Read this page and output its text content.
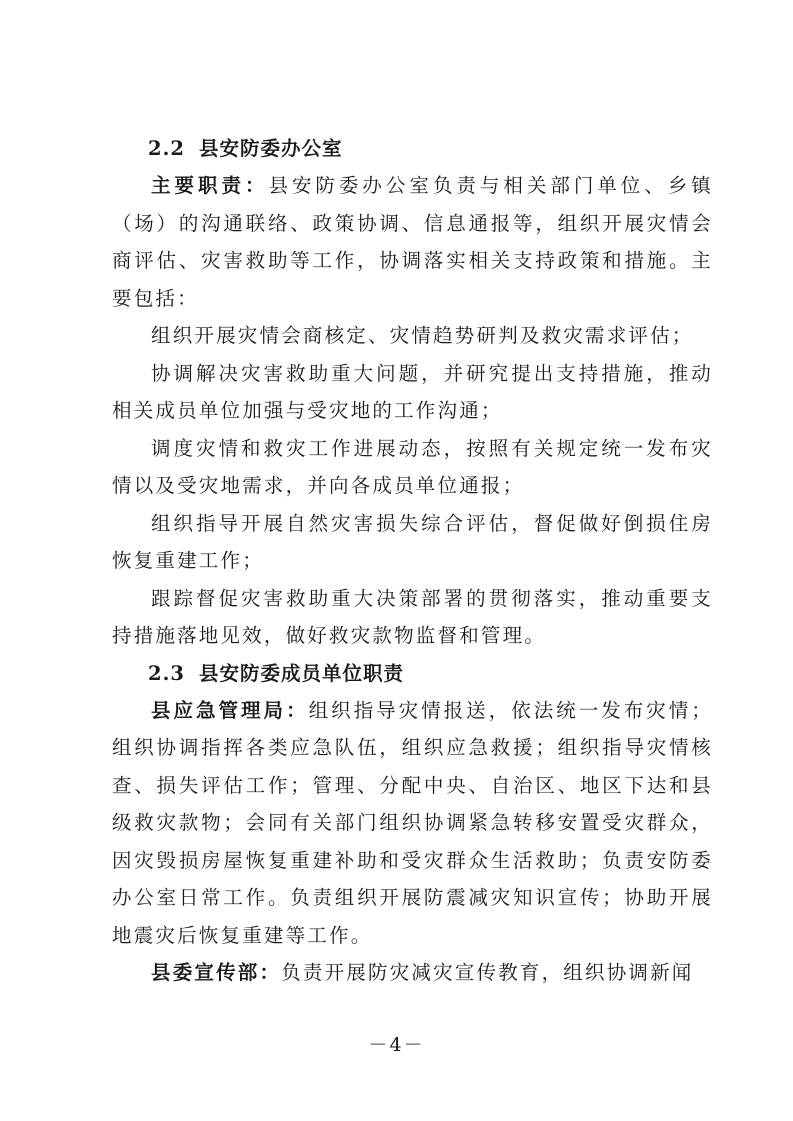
2.2 县安防委办公室

主要职责：县安防委办公室负责与相关部门单位、乡镇（场）的沟通联络、政策协调、信息通报等，组织开展灾情会商评估、灾害救助等工作，协调落实相关支持政策和措施。主要包括：

组织开展灾情会商核定、灾情趋势研判及救灾需求评估；

协调解决灾害救助重大问题，并研究提出支持措施，推动相关成员单位加强与受灾地的工作沟通；

调度灾情和救灾工作进展动态，按照有关规定统一发布灾情以及受灾地需求，并向各成员单位通报；

组织指导开展自然灾害损失综合评估，督促做好倒损住房恢复重建工作；

跟踪督促灾害救助重大决策部署的贯彻落实，推动重要支持措施落地见效，做好救灾款物监督和管理。

2.3 县安防委成员单位职责

县应急管理局：组织指导灾情报送，依法统一发布灾情；组织协调指挥各类应急队伍，组织应急救援；组织指导灾情核查、损失评估工作；管理、分配中央、自治区、地区下达和县级救灾款物；会同有关部门组织协调紧急转移安置受灾群众，因灾毁损房屋恢复重建补助和受灾群众生活救助；负责安防委办公室日常工作。负责组织开展防震减灾知识宣传；协助开展地震灾后恢复重建等工作。

县委宣传部：负责开展防灾减灾宣传教育，组织协调新闻

－4－
